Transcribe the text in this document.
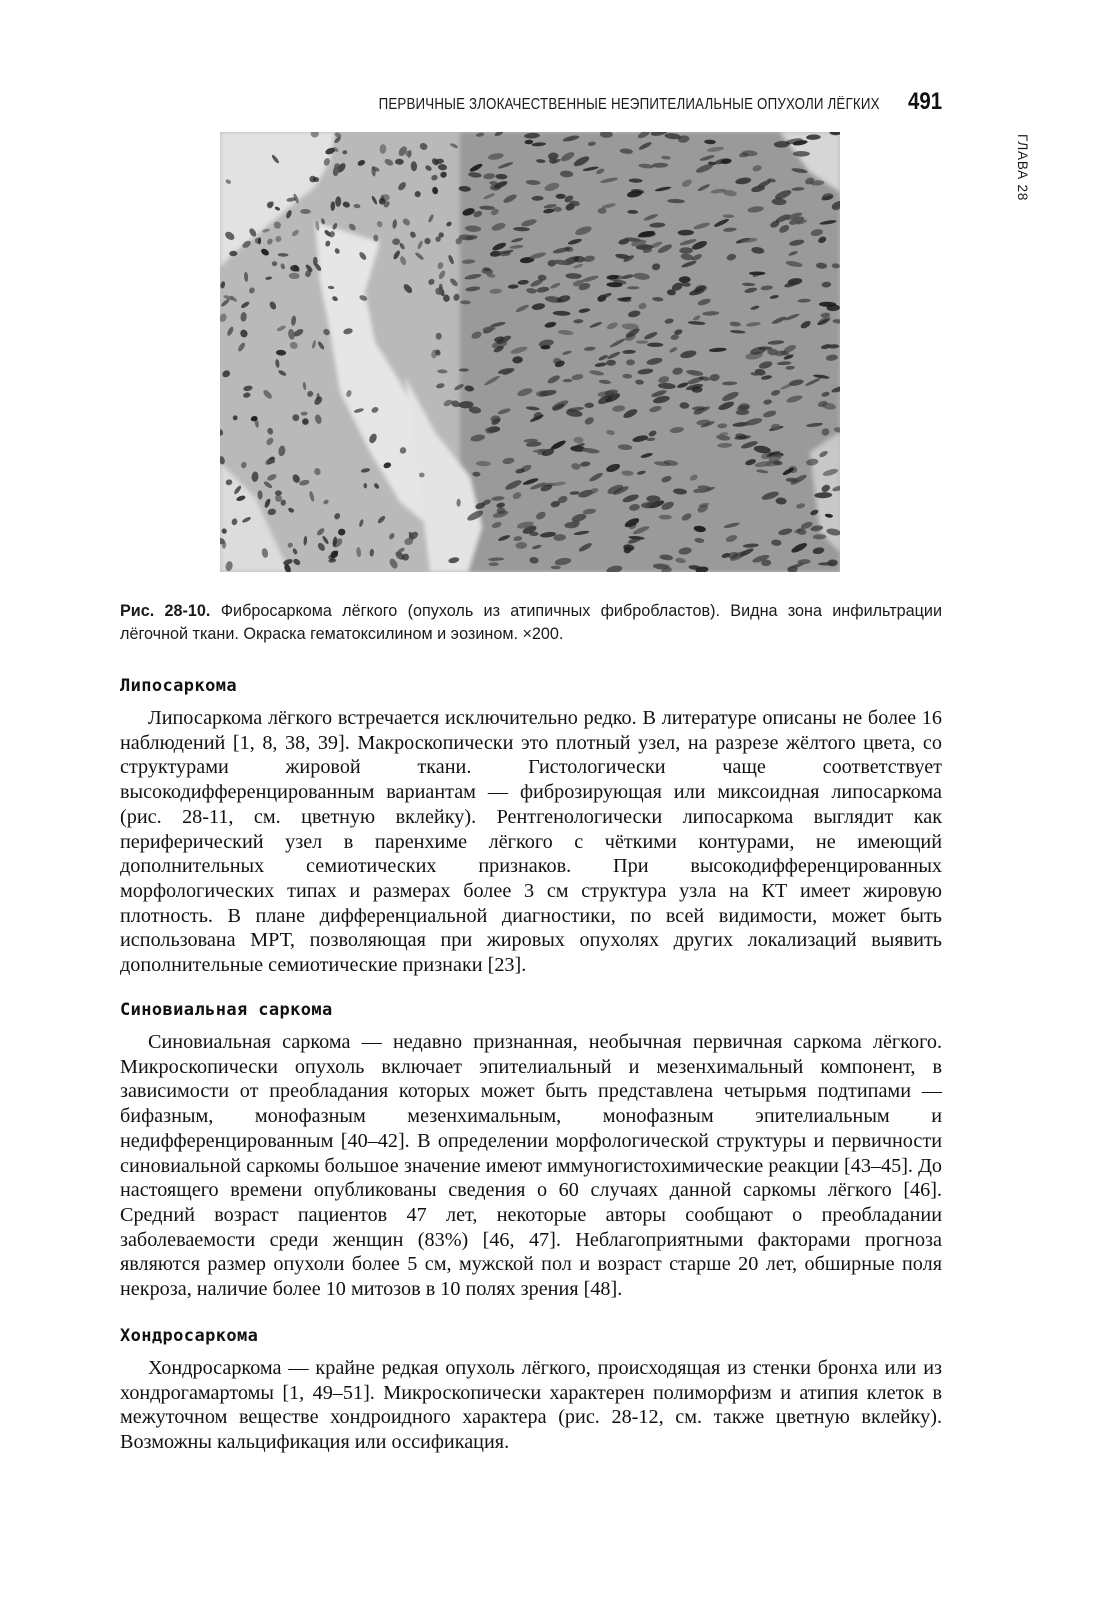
ПЕРВИЧНЫЕ ЗЛОКАЧЕСТВЕННЫЕ НЕЭПИТЕЛИАЛЬНЫЕ ОПУХОЛИ ЛЁГКИХ 491
ГЛАВА 28
Рис. 28-10. Фибросаркома лёгкого (опухоль из атипичных фибробластов). Видна зона инфильтрации лёгочной ткани. Окраска гематоксилином и эозином. ×200.
Липосаркома
Липосаркома лёгкого встречается исключительно редко. В литературе описаны не более 16 наблюдений [1, 8, 38, 39]. Макроскопически это плотный узел, на разрезе жёлтого цвета, со структурами жировой ткани. Гистологически чаще соответствует высокодифференцированным вариантам — фиброзирующая или миксоидная липосаркома (рис. 28-11, см. цветную вклейку). Рентгенологически липосаркома выглядит как периферический узел в паренхиме лёгкого с чёткими контурами, не имеющий дополнительных семиотических признаков. При высокодифференцированных морфологических типах и размерах более 3 см структура узла на КТ имеет жировую плотность. В плане дифференциальной диагностики, по всей видимости, может быть использована МРТ, позволяющая при жировых опухолях других локализаций выявить дополнительные семиотические признаки [23].
Синовиальная саркома
Синовиальная саркома — недавно признанная, необычная первичная саркома лёгкого. Микроскопически опухоль включает эпителиальный и мезенхимальный компонент, в зависимости от преобладания которых может быть представлена четырьмя подтипами — бифазным, монофазным мезенхимальным, монофазным эпителиальным и недифференцированным [40–42]. В определении морфологической структуры и первичности синовиальной саркомы большое значение имеют иммуногистохимические реакции [43–45]. До настоящего времени опубликованы сведения о 60 случаях данной саркомы лёгкого [46]. Средний возраст пациентов 47 лет, некоторые авторы сообщают о преобладании заболеваемости среди женщин (83%) [46, 47]. Неблагоприятными факторами прогноза являются размер опухоли более 5 см, мужской пол и возраст старше 20 лет, обширные поля некроза, наличие более 10 митозов в 10 полях зрения [48].
Хондросаркома
Хондросаркома — крайне редкая опухоль лёгкого, происходящая из стенки бронха или из хондрогамартомы [1, 49–51]. Микроскопически характерен полиморфизм и атипия клеток в межуточном веществе хондроидного характера (рис. 28-12, см. также цветную вклейку). Возможны кальцификация или оссификация.
